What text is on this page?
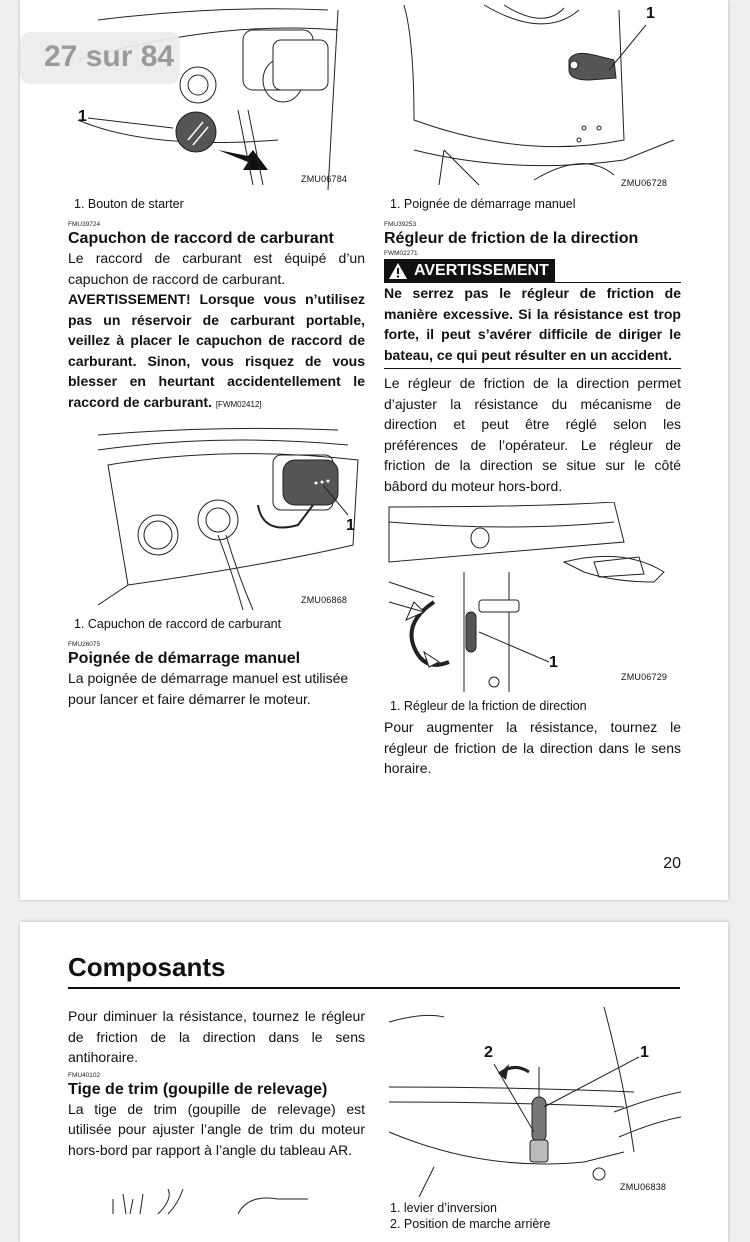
1
ZMU06784

1. Bouton de starter

FMU39724

Capuchon de raccord de carburant

Le raccord de carburant est équipé d’un capuchon de raccord de carburant.

AVERTISSEMENT! Lorsque vous n’utilisez pas un réservoir de carburant portable, veillez à placer le capuchon de raccord de carburant. Sinon, vous risquez de vous blesser en heurtant accidentellement le raccord de carburant. [FWM02412]

1
ZMU06868

1. Capuchon de raccord de carburant

FMU26075

Poignée de démarrage manuel

La poignée de démarrage manuel est utilisée pour lancer et faire démarrer le moteur.

1
ZMU06728

1. Poignée de démarrage manuel

FMU39253

Régleur de friction de la direction

FWM02271

AVERTISSEMENT

Ne serrez pas le régleur de friction de manière excessive. Si la résistance est trop forte, il peut s’avérer difficile de diriger le bateau, ce qui peut résulter en un accident.

Le régleur de friction de la direction permet d’ajuster la résistance du mécanisme de direction et peut être réglé selon les préférences de l’opérateur. Le régleur de friction de la direction se situe sur le côté bâbord du moteur hors-bord.

1
ZMU06729

1. Régleur de la friction de direction

Pour augmenter la résistance, tournez le régleur de friction de la direction dans le sens horaire.

20
Composants

Pour diminuer la résistance, tournez le régleur de friction de la direction dans le sens antihoraire.

FMU40102

Tige de trim (goupille de relevage)

La tige de trim (goupille de relevage) est utilisée pour ajuster l’angle de trim du moteur hors-bord par rapport à l’angle du tableau AR.

1
2
ZMU06838

1. levier d’inversion

2. Position de marche arrière

27 sur 84
